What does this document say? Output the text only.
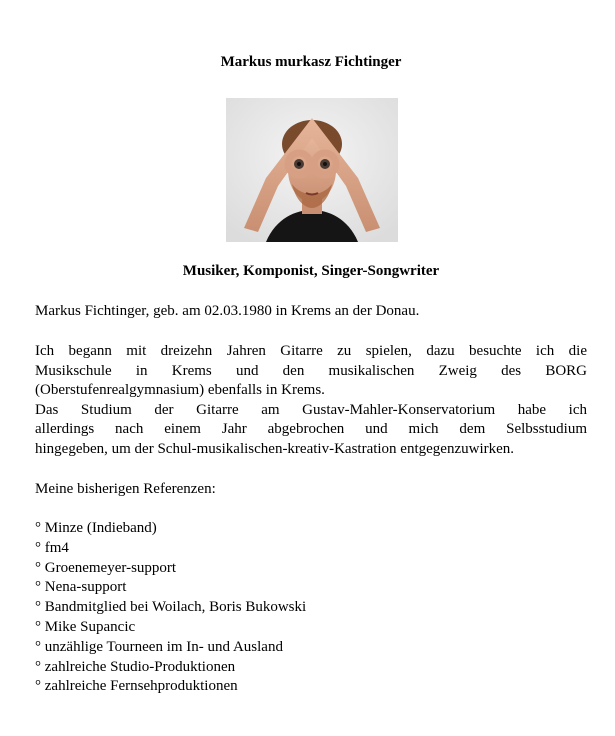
Markus murkasz Fichtinger
Musiker, Komponist, Singer-Songwriter
Markus Fichtinger, geb. am 02.03.1980 in Krems an der Donau.
Ich begann mit dreizehn Jahren Gitarre zu spielen, dazu besuchte ich die
Musikschule in Krems und den musikalischen Zweig des BORG
(Oberstufenrealgymnasium) ebenfalls in Krems.
Das Studium der Gitarre am Gustav-Mahler-Konservatorium habe ich
allerdings nach einem Jahr abgebrochen und mich dem Selbsstudium
hingegeben, um der Schul-musikalischen-kreativ-Kastration entgegenzuwirken.
Meine bisherigen Referenzen:
° Minze (Indieband)
° fm4
° Groenemeyer-support
° Nena-support
° Bandmitglied bei Woilach, Boris Bukowski
° Mike Supancic
° unzählige Tourneen im In- und Ausland
° zahlreiche Studio-Produktionen
° zahlreiche Fernsehproduktionen
